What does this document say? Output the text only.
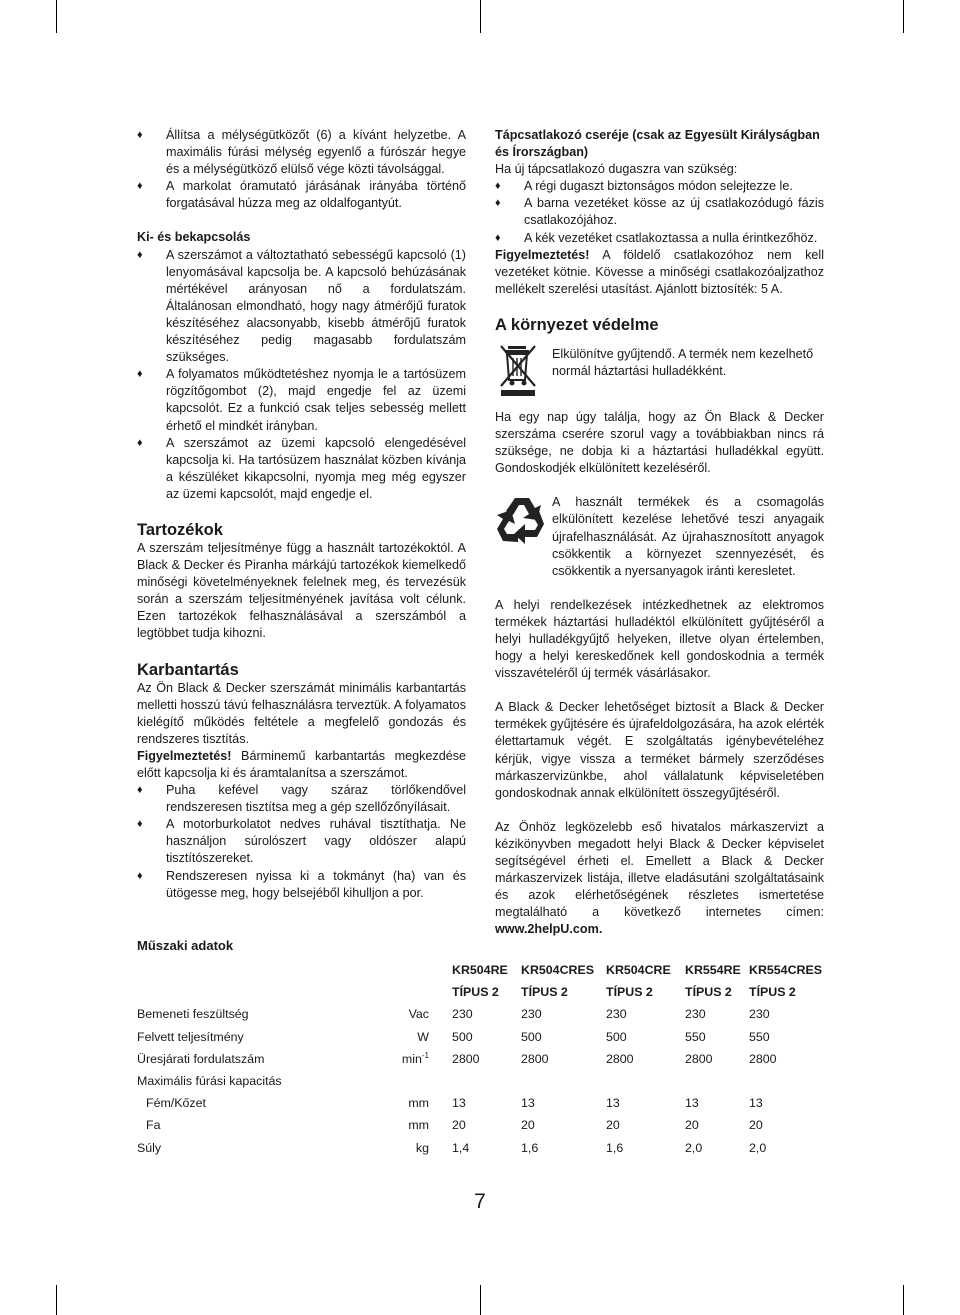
♦ Állítsa a mélységütközőt (6) a kívánt helyzetbe. A maximális fúrási mélység egyenlő a fúrószár hegye és a mélységütköző elülső vége közti távolsággal.
♦ A markolat óramutató járásának irányába történő forgatásával húzza meg az oldalfogantyút.
Ki- és bekapcsolás
♦ A szerszámot a változtatható sebességű kapcsoló (1) lenyomásával kapcsolja be. A kapcsoló behúzásának mértékével arányosan nő a fordulatszám. Általánosan elmondható, hogy nagy átmérőjű furatok készítéséhez alacsonyabb, kisebb átmérőjű furatok készítéséhez pedig magasabb fordulatszám szükséges.
♦ A folyamatos működtetéshez nyomja le a tartósüzem rögzítőgombot (2), majd engedje fel az üzemi kapcsolót. Ez a funkció csak teljes sebesség mellett érhető el mindkét irányban.
♦ A szerszámot az üzemi kapcsoló elengedésével kapcsolja ki. Ha tartósüzem használat közben kívánja a készüléket kikapcsolni, nyomja meg még egyszer az üzemi kapcsolót, majd engedje el.
Tartozékok

A szerszám teljesítménye függ a használt tartozékoktól. A Black & Decker és Piranha márkájú tartozékok kiemelkedő minőségi követelményeknek felelnek meg, és tervezésük során a szerszám teljesítményének javítása volt célunk. Ezen tartozékok felhasználásával a szerszámból a legtöbbet tudja kihozni.

Karbantartás

Az Ön Black & Decker szerszámát minimális karbantartás melletti hosszú távú felhasználásra terveztük. A folyamatos kielégítő működés feltétele a megfelelő gondozás és rendszeres tisztítás.

Figyelmeztetés! Bárminemű karbantartás megkezdése előtt kapcsolja ki és áramtalanítsa a szerszámot.

♦ Puha kefével vagy száraz törlőkendővel rendszeresen tisztítsa meg a gép szellőzőnyílásait.
♦ A motorburkolatot nedves ruhával tisztíthatja. Ne használjon súrolószert vagy oldószer alapú tisztítószereket.
♦ Rendszeresen nyissa ki a tokmányt (ha) van és ütögesse meg, hogy belsejéből kihulljon a por.
Tápcsatlakozó cseréje (csak az Egyesült Királyságban és Írországban)

Ha új tápcsatlakozó dugaszra van szükség:

♦ A régi dugaszt biztonságos módon selejtezze le.
♦ A barna vezetéket kösse az új csatlakozódugó fázis csatlakozójához.
♦ A kék vezetéket csatlakoztassa a nulla érintkezőhöz.

Figyelmeztetés! A földelő csatlakozóhoz nem kell vezetéket kötnie. Kövesse a minőségi csatlakozóaljzathoz mellékelt szerelési utasítást. Ajánlott biztosíték: 5 A.

A környezet védelme

Elkülönítve gyűjtendő. A termék nem kezelhető normál háztartási hulladékként.

Ha egy nap úgy találja, hogy az Ön Black & Decker szerszáma cserére szorul vagy a továbbiakban nincs rá szüksége, ne dobja ki a háztartási hulladékkal együtt. Gondoskodjék elkülönített kezeléséről.

A használt termékek és a csomagolás elkülönített kezelése lehetővé teszi anyagaik újrafelhasználását. Az újrahasznosított anyagok csökkentik a környezet szennyezését, és csökkentik a nyersanyagok iránti keresletet.

A helyi rendelkezések intézkedhetnek az elektromos termékek háztartási hulladéktól elkülönített gyűjtéséről a helyi hulladékgyűjtő helyeken, illetve olyan értelemben, hogy a helyi kereskedőnek kell gondoskodnia a termék visszavételéről új termék vásárlásakor.

A Black & Decker lehetőséget biztosít a Black & Decker termékek gyűjtésére és újrafeldolgozására, ha azok elérték élettartamuk végét. E szolgáltatás igénybevételéhez kérjük, vigye vissza a terméket bármely szerződéses márkaszervizünkbe, ahol vállalatunk képviseletében gondoskodnak annak elkülönített összegyűjtéséről.

Az Önhöz legközelebb eső hivatalos márkaszervizt a kézikönyvben megadott helyi Black & Decker képviselet segítségével érheti el. Emellett a Black & Decker márkaszervizek listája, illetve eladásutáni szolgáltatásaink és azok elérhetőségének részletes ismertetése megtalálható a következő internetes címen: www.2helpU.com.

Műszaki adatok
		KR504RE	KR504CRES	KR504CRE	KR554RE	KR554CRES
		TÍPUS 2	TÍPUS 2	TÍPUS 2	TÍPUS 2	TÍPUS 2
Bemeneti feszültség	Vac	230	230	230	230	230
Felvett teljesítmény	W	500	500	500	550	550
Üresjárati fordulatszám	$\min^{-1}$	2800	2800	2800	2800	2800
Maximális fúrási kapacitás						
Fém/Kőzet	mm	13	13	13	13	13
Fa	mm	20	20	20	20	20
Súly	kg	1,4	1,6	1,6	2,0	2,0
7
